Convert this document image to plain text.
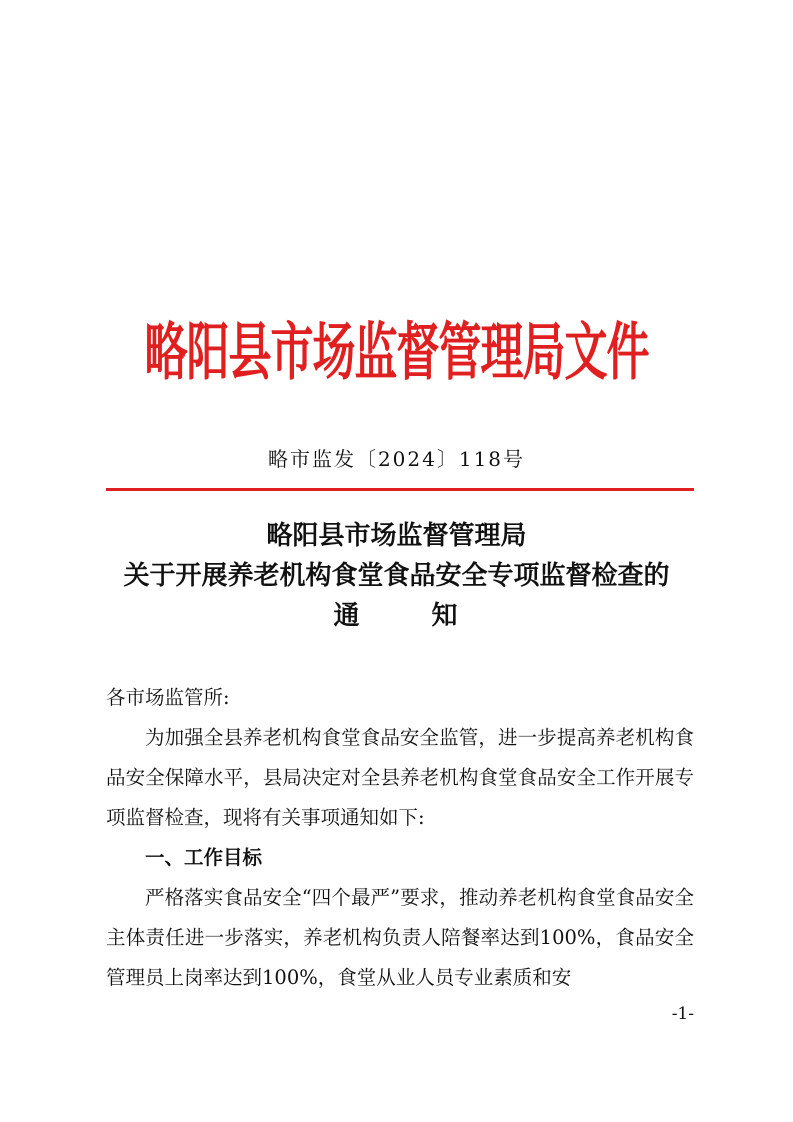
略阳县市场监督管理局文件
略市监发〔2024〕118号
略阳县市场监督管理局
关于开展养老机构食堂食品安全专项监督检查的
通	知

各市场监管所:

为加强全县养老机构食堂食品安全监管，进一步提高养老机构食品安全保障水平，县局决定对全县养老机构食堂食品安全工作开展专项监督检查，现将有关事项通知如下:

一、工作目标

严格落实食品安全“四个最严”要求，推动养老机构食堂食品安全主体责任进一步落实，养老机构负责人陪餐率达到100%，食品安全管理员上岗率达到100%，食堂从业人员专业素质和安

-1-
